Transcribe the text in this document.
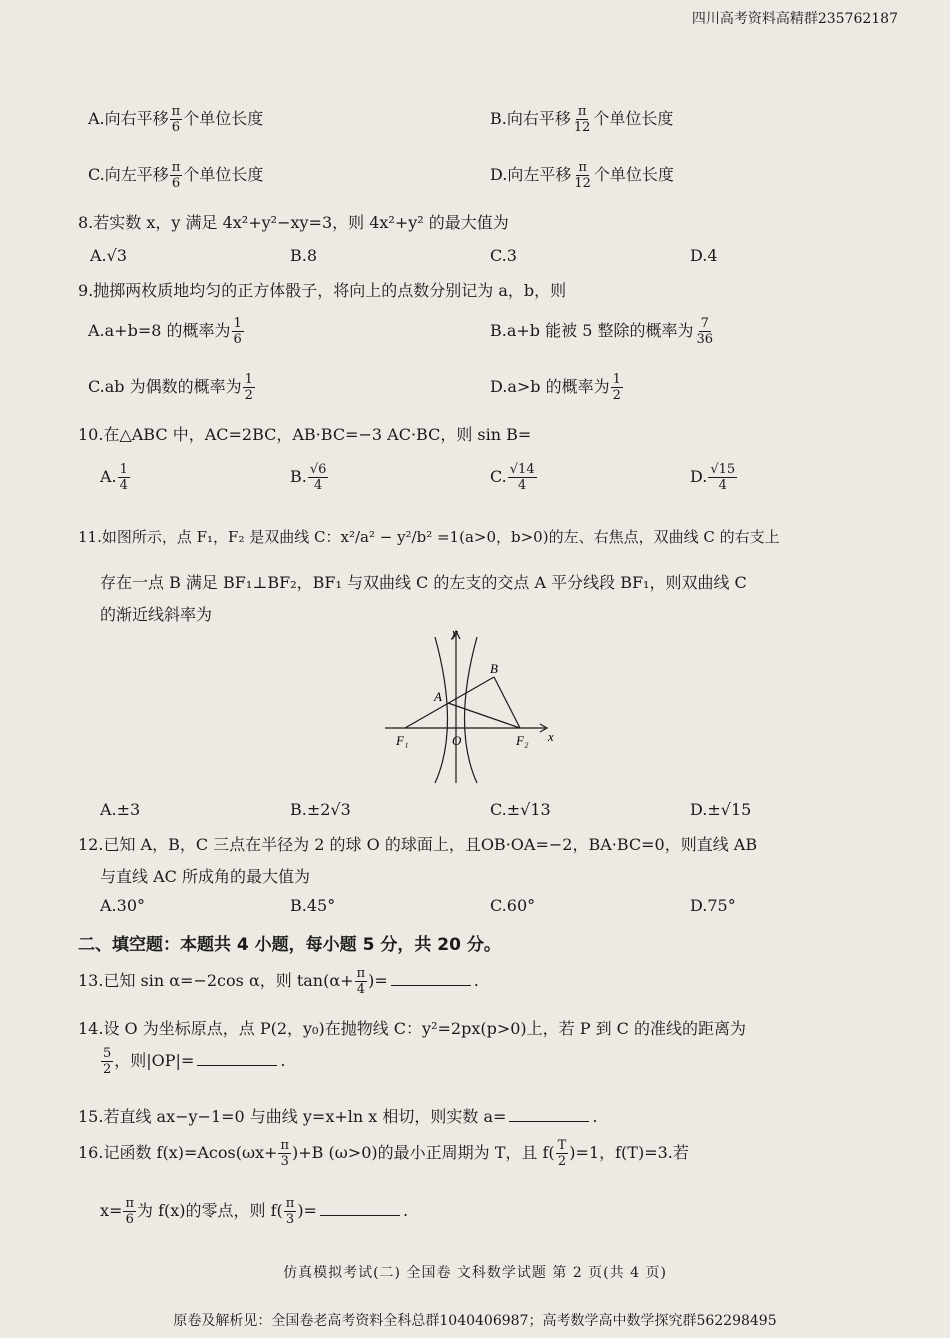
四川高考资料高精群235762187
A.向右平移 $\frac{\pi}{6}$ 个单位长度	B.向右平移 $\frac{\pi}{12}$ 个单位长度
C.向左平移 $\frac{\pi}{6}$ 个单位长度	D.向左平移 $\frac{\pi}{12}$ 个单位长度
8.若实数 x，y 满足 4x²+y²−xy=3，则 4x²+y² 的最大值为
A.√3	B.8	C.3	D.4
9.抛掷两枚质地均匀的正方体骰子，将向上的点数分别记为 a，b，则
A.a+b=8 的概率为 $\frac{1}{6}$	B.a+b 能被 5 整除的概率为 $\frac{7}{36}$
C.ab 为偶数的概率为 $\frac{1}{2}$	D.a>b 的概率为 $\frac{1}{2}$
10.在△ABC 中，AC=2BC，AB·BC=−3 AC·BC，则 sin B=
A. $\frac{1}{4}$	B. $\frac{√6}{4}$	C. $\frac{√14}{4}$	D. $\frac{√15}{4}$
11.如图所示，点 F₁，F₂ 是双曲线 C：x²/a² − y²/b² =1(a>0，b>0)的左、右焦点，双曲线 C 的右支上
存在一点 B 满足 BF₁⊥BF₂，BF₁ 与双曲线 C 的左支的交点 A 平分线段 BF₁，则双曲线 C
的渐近线斜率为
y
x
B
A
F₁	O	F₂
A.±3	B.±2√3	C.±√13	D.±√15
12.已知 A，B，C 三点在半径为 2 的球 O 的球面上，且OB·OA=−2，BA·BC=0，则直线 AB
与直线 AC 所成角的最大值为
A.30°	B.45°	C.60°	D.75°
二、填空题：本题共 4 小题，每小题 5 分，共 20 分。
13.已知 sin α=−2cos α，则 $\tan(\alpha+ \frac{\pi}{4}$ )=	.
14.设 O 为坐标原点，点 P(2，y₀)在抛物线 C：y²=2px(p>0)上，若 P 到 C 的准线的距离为
$\frac{5}{2}$ ，则|OP|=	.
15.若直线 ax−y−1=0 与曲线 y=x+ln x 相切，则实数 a=	.
16.记函数 $f(x)=Acos(\omega x+ \frac{\pi}{3} )+B$ (ω>0)的最小正周期为 T，且 $f( \frac{T}{2} )=1$，f(T)=3.若
$x= \frac{\pi}{6}$ 为 f(x)的零点，则 $f( \frac{\pi}{3}$ )=	.
仿真模拟考试(二) 全国卷 文科数学试题 第 2 页(共 4 页)
原卷及解析见：全国卷老高考资料全科总群1040406987；高考数学高中数学探究群562298495
